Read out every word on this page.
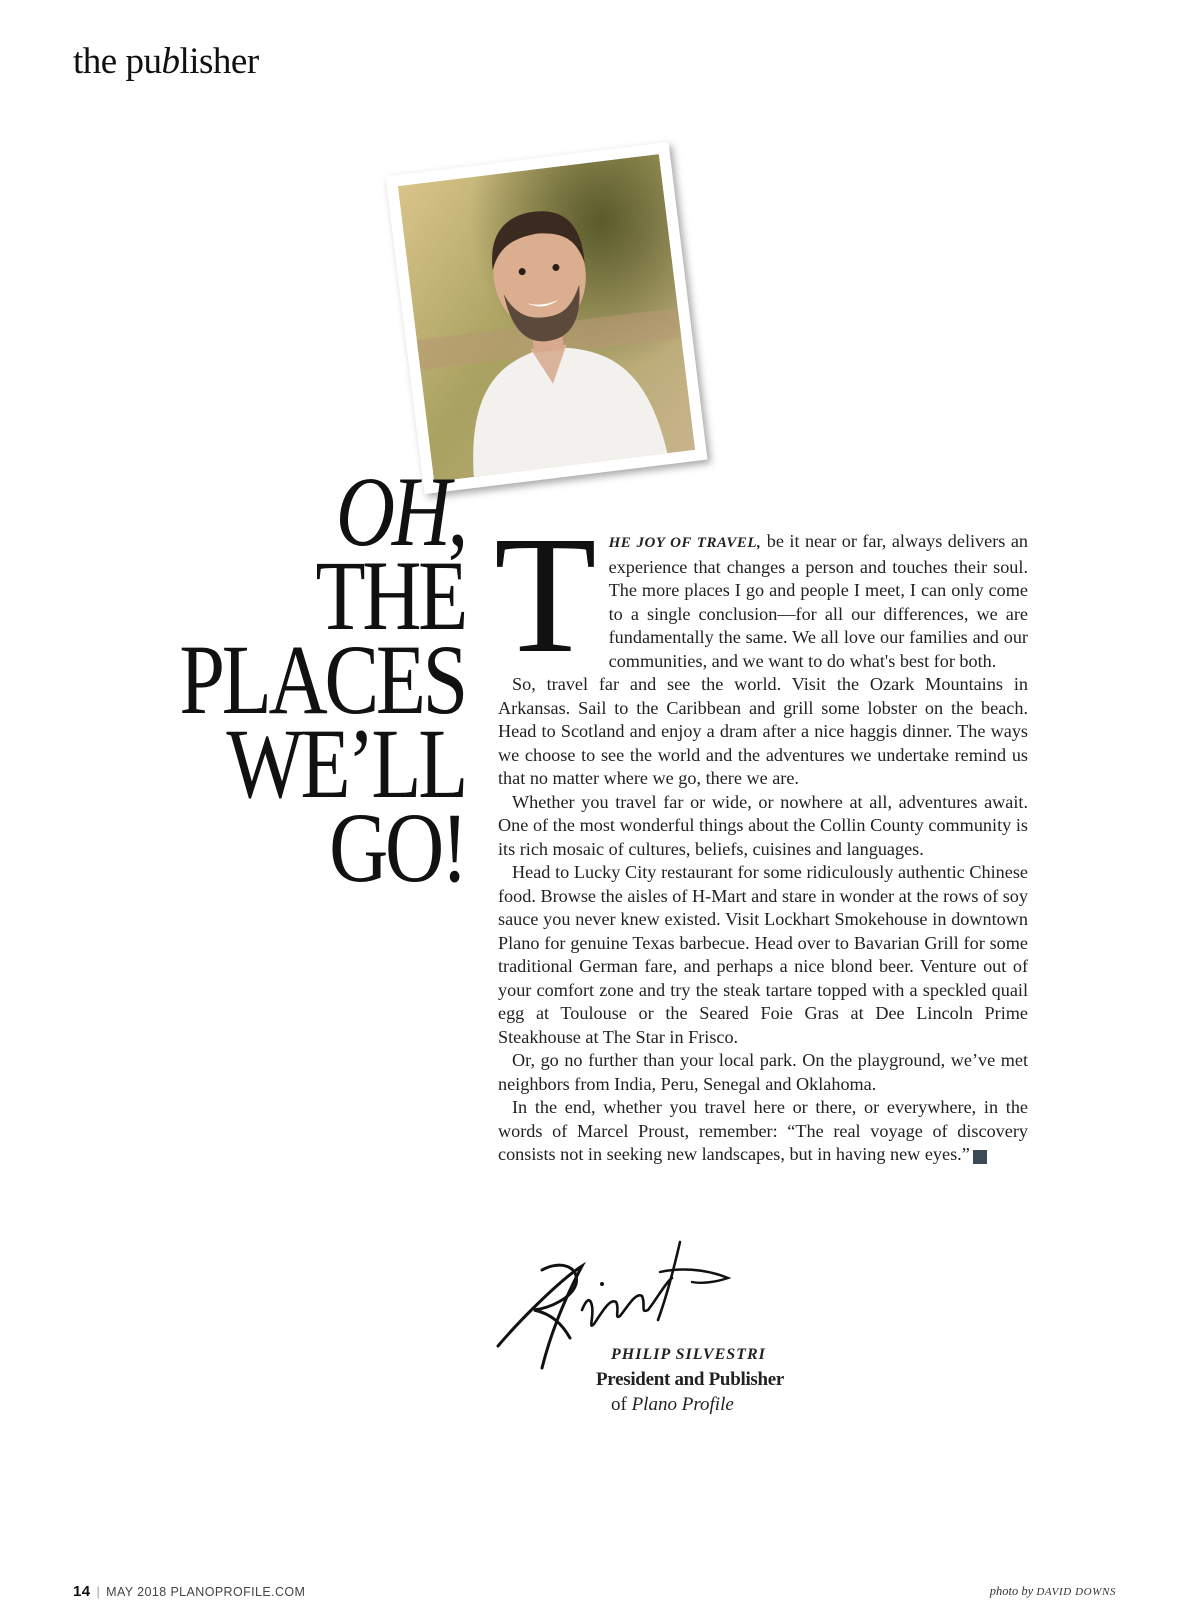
the publisher
OH,
THE
PLACES
WE’LL
GO!

THE JOY OF TRAVEL, be it near or far, always delivers an experience that changes a person and touches their soul. The more places I go and people I meet, I can only come to a single conclusion—for all our differences, we are fundamentally the same. We all love our families and our communities, and we want to do what's best for both.

So, travel far and see the world. Visit the Ozark Mountains in Arkansas. Sail to the Caribbean and grill some lobster on the beach. Head to Scotland and enjoy a dram after a nice haggis dinner. The ways we choose to see the world and the adventures we undertake remind us that no matter where we go, there we are.

Whether you travel far or wide, or nowhere at all, adventures await. One of the most wonderful things about the Collin County community is its rich mosaic of cultures, beliefs, cuisines and languages.

Head to Lucky City restaurant for some ridiculously authentic Chinese food. Browse the aisles of H-Mart and stare in wonder at the rows of soy sauce you never knew existed. Visit Lockhart Smokehouse in downtown Plano for genuine Texas barbecue. Head over to Bavarian Grill for some traditional German fare, and perhaps a nice blond beer. Venture out of your comfort zone and try the steak tartare topped with a speckled quail egg at Toulouse or the Seared Foie Gras at Dee Lincoln Prime Steakhouse at The Star in Frisco.

Or, go no further than your local park. On the playground, we’ve met neighbors from India, Peru, Senegal and Oklahoma.

In the end, whether you travel here or there, or everywhere, in the words of Marcel Proust, remember: “The real voyage of discovery consists not in seeking new landscapes, but in having new eyes.” p

PHILIP SILVESTRI
President and Publisher
of Plano Profile
14 | MAY 2018 PLANOPROFILE.COM	photo by DAVID DOWNS
